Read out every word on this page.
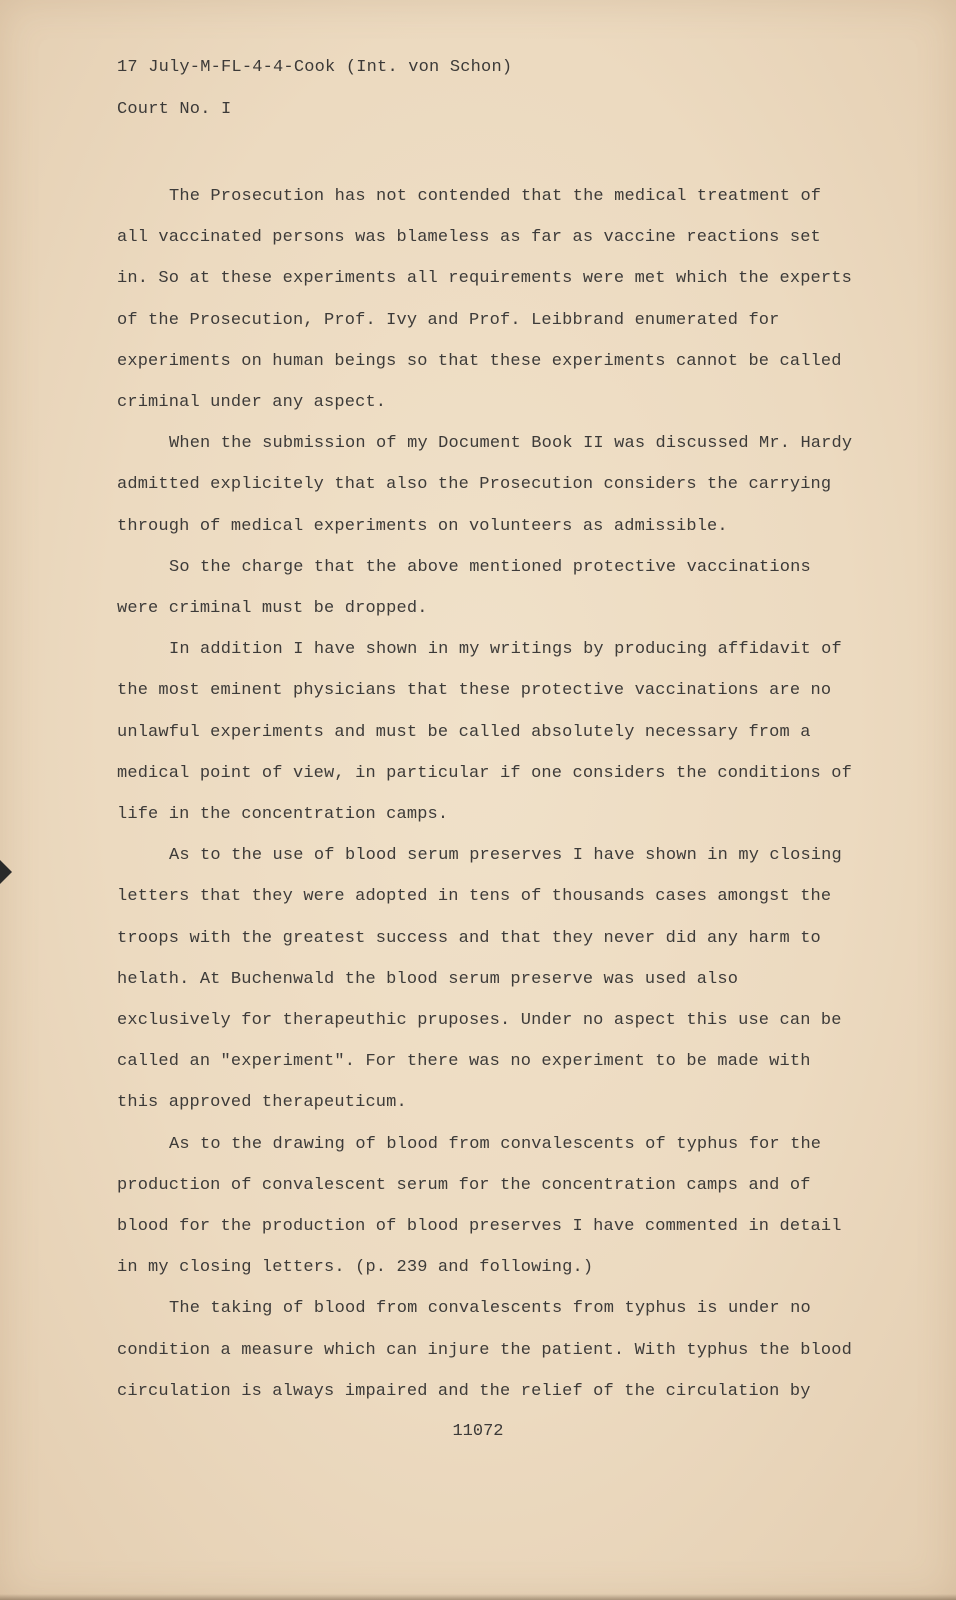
17 July-M-FL-4-4-Cook (Int. von Schon)
Court No. I

The Prosecution has not contended that the medical treatment of all vaccinated persons was blameless as far as vaccine reactions set in. So at these experiments all requirements were met which the experts of the Prosecution, Prof. Ivy and Prof. Leibbrand enumerated for experiments on human beings so that these experiments cannot be called criminal under any aspect.

When the submission of my Document Book II was discussed Mr. Hardy admitted explicitely that also the Prosecution considers the carrying through of medical experiments on volunteers as admissible.

So the charge that the above mentioned protective vaccinations were criminal must be dropped.

In addition I have shown in my writings by producing affidavit of the most eminent physicians that these protective vaccinations are no unlawful experiments and must be called absolutely necessary from a medical point of view, in particular if one considers the conditions of life in the concentration camps.

As to the use of blood serum preserves I have shown in my closing letters that they were adopted in tens of thousands cases amongst the troops with the greatest success and that they never did any harm to helath. At Buchenwald the blood serum preserve was used also exclusively for therapeuthic pruposes. Under no aspect this use can be called an "experiment". For there was no experiment to be made with this approved therapeuticum.

As to the drawing of blood from convalescents of typhus for the production of convalescent serum for the concentration camps and of blood for the production of blood preserves I have commented in detail in my closing letters. (p. 239 and following.)

The taking of blood from convalescents from typhus is under no condition a measure which can injure the patient. With typhus the blood circulation is always impaired and the relief of the circulation by

11072
